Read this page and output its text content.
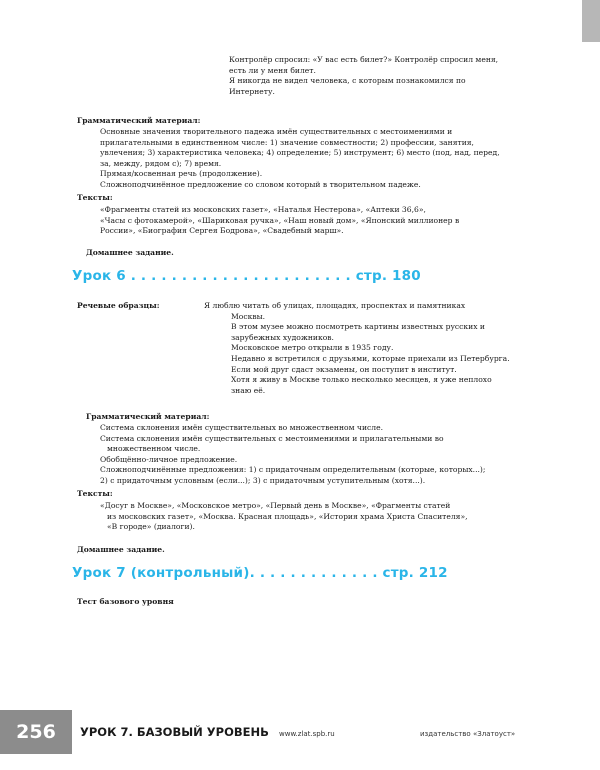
Контролёр спросил: «У вас есть билет?» Контролёр спросил меня,
есть ли у меня билет.
Я никогда не видел человека, с которым познакомился по
Интернету.
Грамматический материал:
Основные значения творительного падежа имён существительных с местоимениями и
прилагательными в единственном числе: 1) значение совместности; 2) профессии, занятия,
увлечения; 3) характеристика человека; 4) определение; 5) инструмент; 6) место (под, над, перед,
за, между, рядом с); 7) время.
Прямая/косвенная речь (продолжение).
Сложноподчинённое предложение со словом который в творительном падеже.
Тексты:
«Фрагменты статей из московских газет», «Наталья Нестерова», «Аптеки 36,6»,
«Часы с фотокамерой», «Шариковая ручка», «Наш новый дом», «Японский миллионер в
России», «Биография Сергея Бодрова», «Свадебный марш».
Домашнее задание.
Урок 6 . . . . . . . . . . . . . . . . . . . . . . стр. 180
Речевые образцы:	Я люблю читать об улицах, площадях, проспектах и памятниках
Москвы.
В этом музее можно посмотреть картины известных русских и
зарубежных художников.
Московское метро открыли в 1935 году.
Недавно я встретился с друзьями, которые приехали из Петербурга.
Если мой друг сдаст экзамены, он поступит в институт.
Хотя я живу в Москве только несколько месяцев, я уже неплохо
знаю её.
Грамматический материал:
Система склонения имён существительных во множественном числе.
Система склонения имён существительных с местоимениями и прилагательными во
множественном числе.
Обобщённо-личное предложение.
Сложноподчинённые предложения: 1) с придаточным определительным (которые, которых...);
2) с придаточным условным (если...); 3) с придаточным уступительным (хотя...).
Тексты:
«Досуг в Москве», «Московское метро», «Первый день в Москве», «Фрагменты статей
из московских газет», «Москва. Красная площадь», «История храма Христа Спасителя»,
«В городе» (диалоги).
Домашнее задание.
Урок 7 (контрольный). . . . . . . . . . . . . стр. 212
Тест базового уровня
256	УРОК 7. БАЗОВЫЙ УРОВЕНЬ www.zlat.spb.ru	издательство «Златоуст»
